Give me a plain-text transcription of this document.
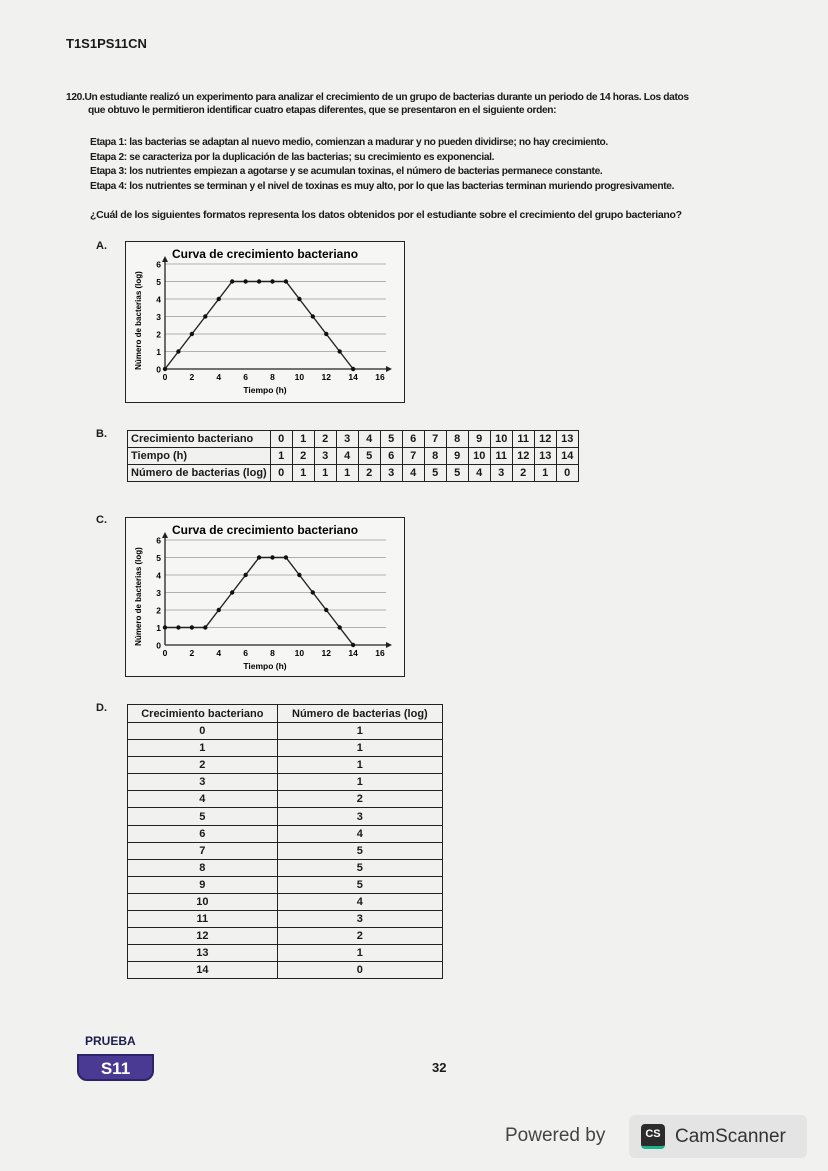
T1S1PS11CN
120.Un estudiante realizó un experimento para analizar el crecimiento de un grupo de bacterias durante un periodo de 14 horas. Los datos
que obtuvo le permitieron identificar cuatro etapas diferentes, que se presentaron en el siguiente orden:
Etapa 1: las bacterias se adaptan al nuevo medio, comienzan a madurar y no pueden dividirse; no hay crecimiento.
Etapa 2: se caracteriza por la duplicación de las bacterias; su crecimiento es exponencial.
Etapa 3: los nutrientes empiezan a agotarse y se acumulan toxinas, el número de bacterias permanece constante.
Etapa 4: los nutrientes se terminan y el nivel de toxinas es muy alto, por lo que las bacterias terminan muriendo progresivamente.
¿Cuál de los siguientes formatos representa los datos obtenidos por el estudiante sobre el crecimiento del grupo bacteriano?
A.
Curva de crecimiento bacteriano
0
1
2
3
4
5
6
0	2	4	6	8 10 12 14 16
Tiempo (h)
Número de bacterias (log)
B. Crecimiento bacteriano	0	1	2	3	4	5	6	7	8	9	10	11	12	13
Tiempo (h)	1	2	3	4	5	6	7	8	9	10	11	12	13	14
Número de bacterias (log)	0	1	1	1	2	3	4	5	5	4	3	2	1	0
C.
Curva de crecimiento bacteriano
0
1
2
3
4
5
6
0	2	4	6	8 10 12 14 16
Tiempo (h)
Número de bacterias (log)
D.	Crecimiento bacteriano	Número de bacterias (log)
0	1
1	1
2	1
3	1
4	2
5	3
6	4
7	5
8	5
9	5
10	4
11	3
12	2
13	1
14	0
PRUEBA
S11	32
Powered by	CS CamScanner
